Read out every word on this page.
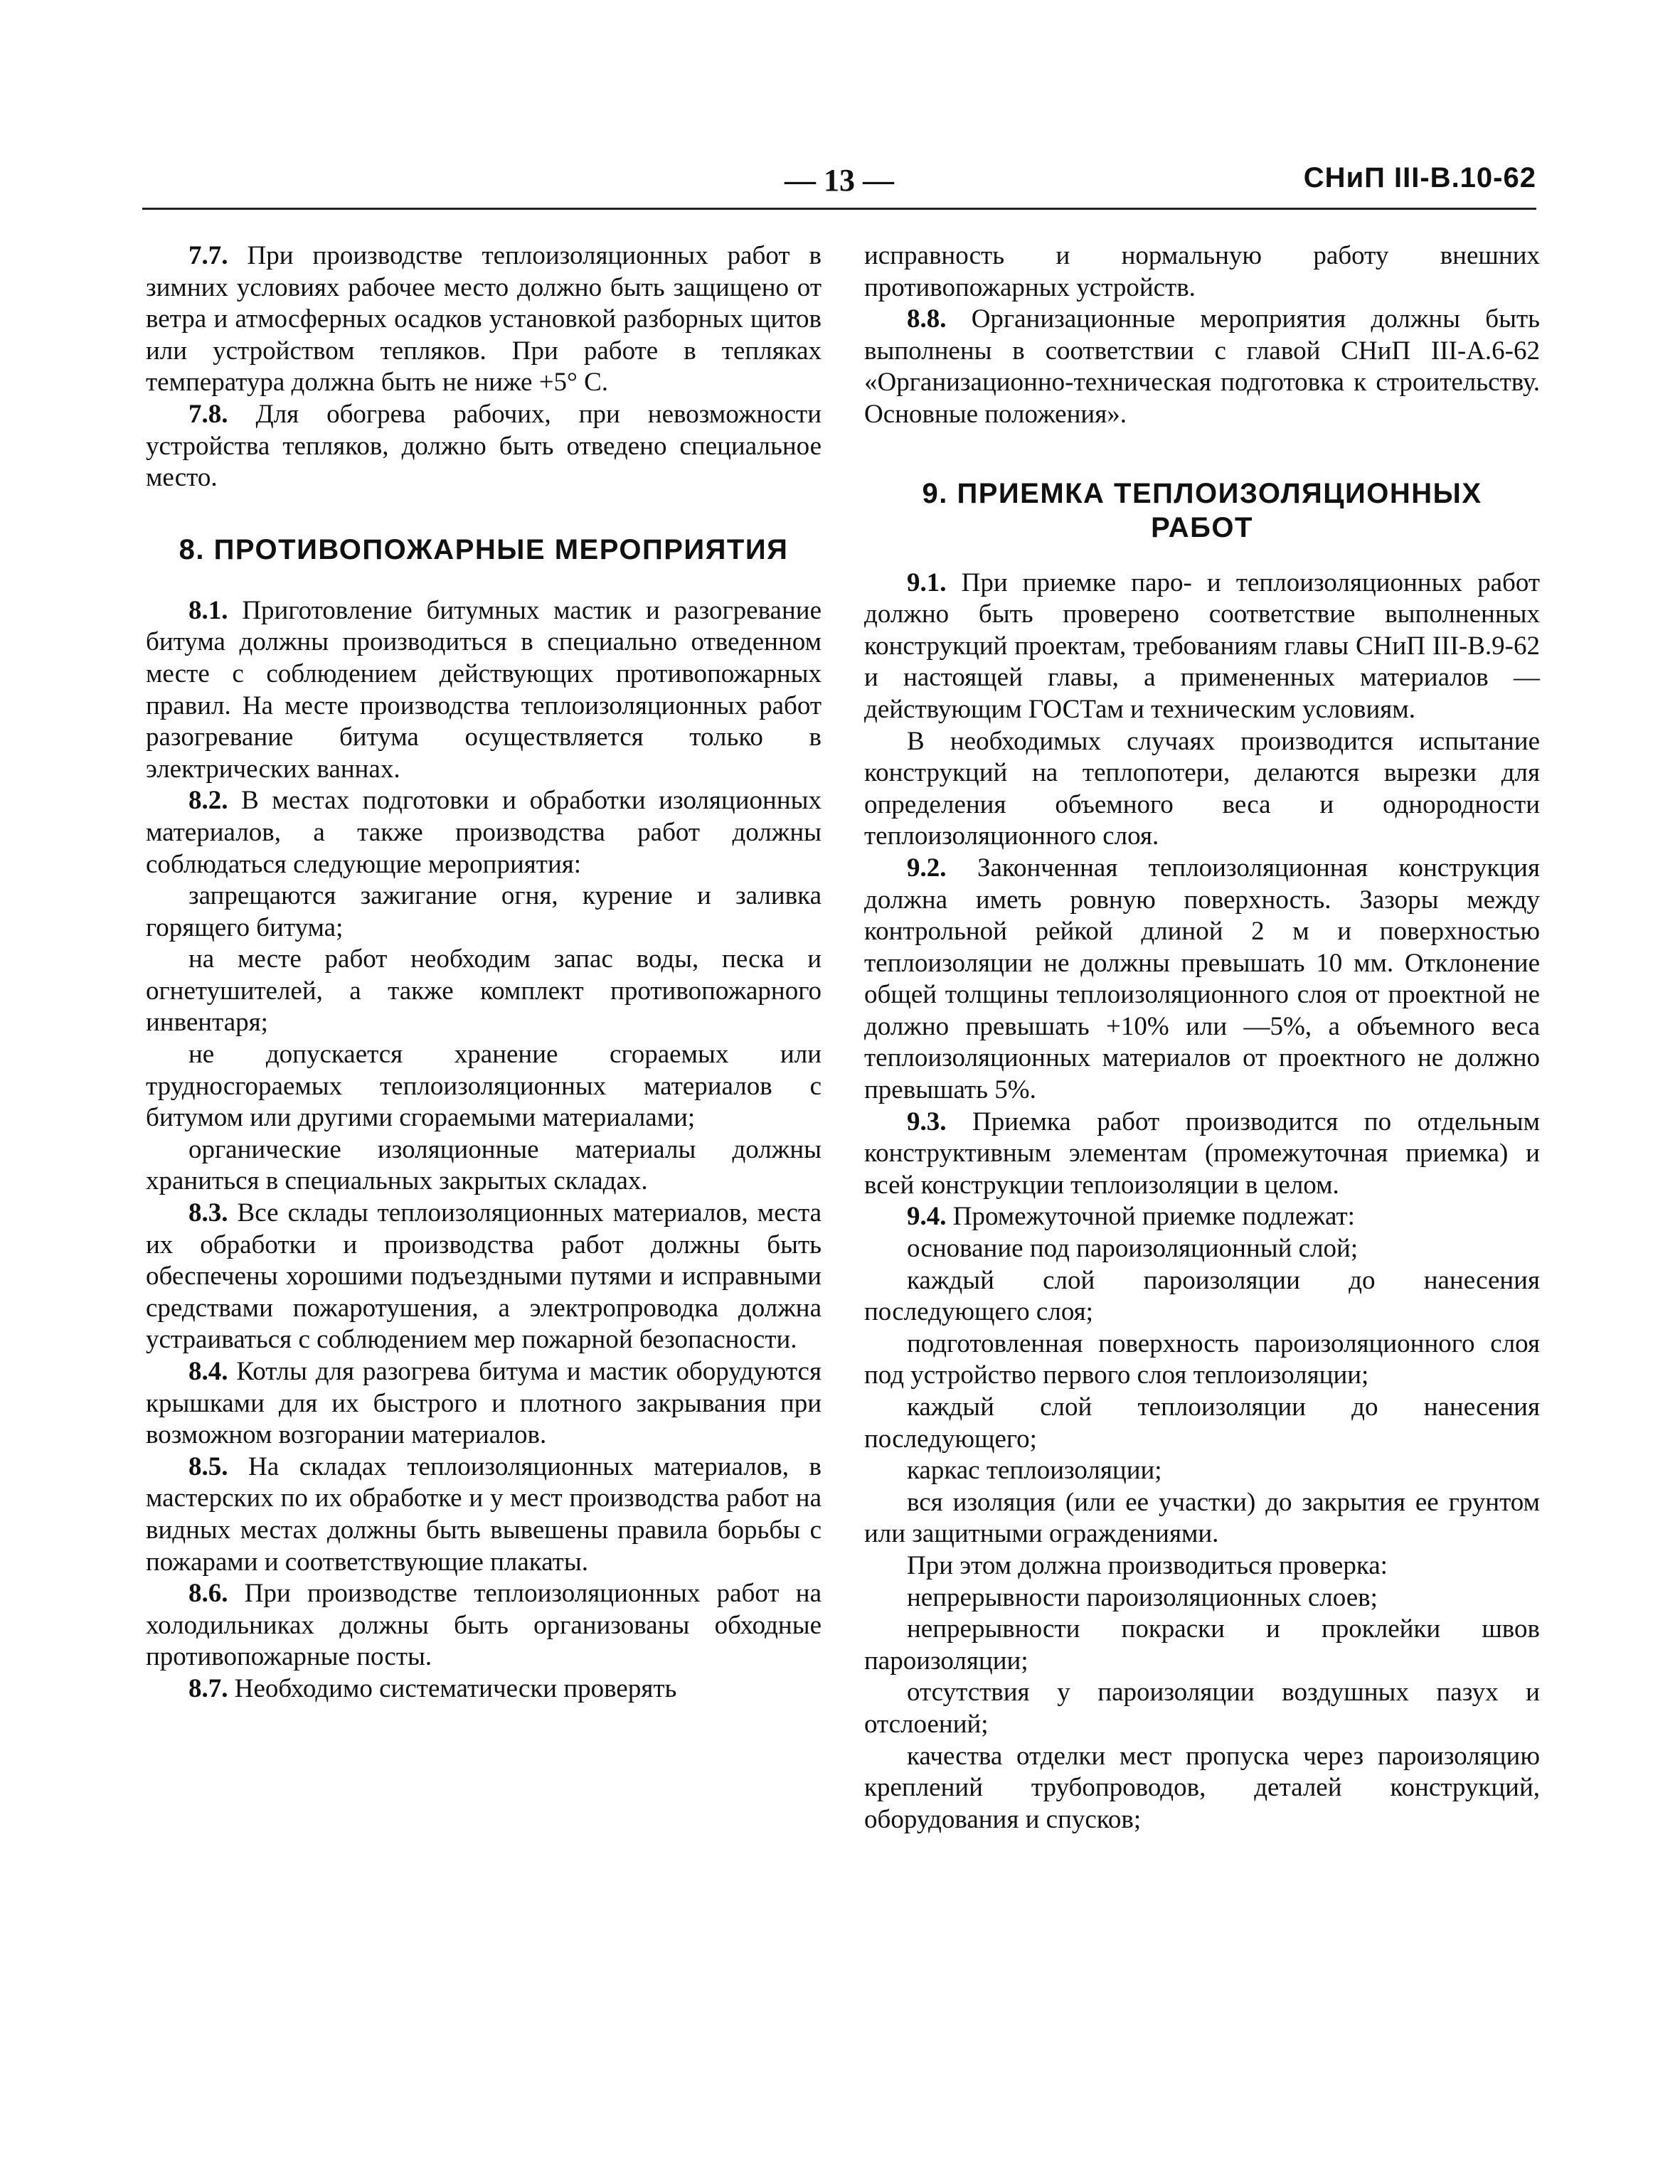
— 13 —	СНиП III-В.10-62

7.7. При производстве теплоизоляционных работ в зимних условиях рабочее место должно быть защищено от ветра и атмосферных осадков установкой разборных щитов или устройством тепляков. При работе в тепляках температура должна быть не ниже +5° С.

7.8. Для обогрева рабочих, при невозможности устройства тепляков, должно быть отведено специальное место.

8. ПРОТИВОПОЖАРНЫЕ МЕРОПРИЯТИЯ

8.1. Приготовление битумных мастик и разогревание битума должны производиться в специально отведенном месте с соблюдением действующих противопожарных правил. На месте производства теплоизоляционных работ разогревание битума осуществляется только в электрических ваннах.

8.2. В местах подготовки и обработки изоляционных материалов, а также производства работ должны соблюдаться следующие мероприятия:

запрещаются зажигание огня, курение и заливка горящего битума;

на месте работ необходим запас воды, песка и огнетушителей, а также комплект противопожарного инвентаря;

не допускается хранение сгораемых или трудносгораемых теплоизоляционных материалов с битумом или другими сгораемыми материалами;

органические изоляционные материалы должны храниться в специальных закрытых складах.

8.3. Все склады теплоизоляционных материалов, места их обработки и производства работ должны быть обеспечены хорошими подъездными путями и исправными средствами пожаротушения, а электропроводка должна устраиваться с соблюдением мер пожарной безопасности.

8.4. Котлы для разогрева битума и мастик оборудуются крышками для их быстрого и плотного закрывания при возможном возгорании материалов.

8.5. На складах теплоизоляционных материалов, в мастерских по их обработке и у мест производства работ на видных местах должны быть вывешены правила борьбы с пожарами и соответствующие плакаты.

8.6. При производстве теплоизоляционных работ на холодильниках должны быть организованы обходные противопожарные посты.

8.7. Необходимо систематически проверять

исправность и нормальную работу внешних противопожарных устройств.

8.8. Организационные мероприятия должны быть выполнены в соответствии с главой СНиП III-А.6-62 «Организационно-техническая подготовка к строительству. Основные положения».

9. ПРИЕМКА ТЕПЛОИЗОЛЯЦИОННЫХ
РАБОТ

9.1. При приемке паро- и теплоизоляционных работ должно быть проверено соответствие выполненных конструкций проектам, требованиям главы СНиП III-В.9-62 и настоящей главы, а примененных материалов — действующим ГОСТам и техническим условиям.

В необходимых случаях производится испытание конструкций на теплопотери, делаются вырезки для определения объемного веса и однородности теплоизоляционного слоя.

9.2. Законченная теплоизоляционная конструкция должна иметь ровную поверхность. Зазоры между контрольной рейкой длиной 2 м и поверхностью теплоизоляции не должны превышать 10 мм. Отклонение общей толщины теплоизоляционного слоя от проектной не должно превышать +10% или —5%, а объемного веса теплоизоляционных материалов от проектного не должно превышать 5%.

9.3. Приемка работ производится по отдельным конструктивным элементам (промежуточная приемка) и всей конструкции теплоизоляции в целом.

9.4. Промежуточной приемке подлежат:

основание под пароизоляционный слой;

каждый слой пароизоляции до нанесения последующего слоя;

подготовленная поверхность пароизоляционного слоя под устройство первого слоя теплоизоляции;

каждый слой теплоизоляции до нанесения последующего;

каркас теплоизоляции;

вся изоляция (или ее участки) до закрытия ее грунтом или защитными ограждениями.

При этом должна производиться проверка:

непрерывности пароизоляционных слоев;

непрерывности покраски и проклейки швов пароизоляции;

отсутствия у пароизоляции воздушных пазух и отслоений;

качества отделки мест пропуска через пароизоляцию креплений трубопроводов, деталей конструкций, оборудования и спусков;
